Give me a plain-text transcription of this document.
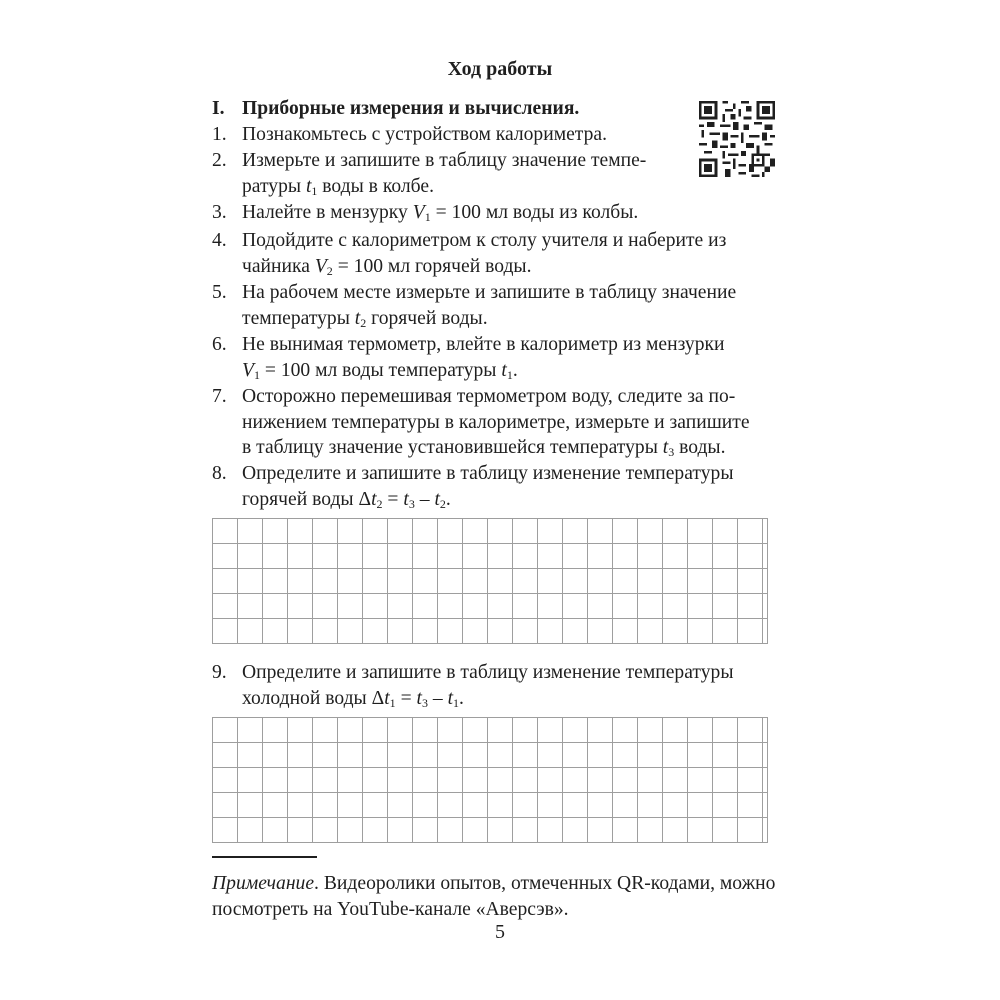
Ход работы
I. Приборные измерения и вычисления.
1. Познакомьтесь с устройством калориметра.
2. Измерьте и запишите в таблицу значение темпе-
ратуры $t_1$ воды в колбе.
3. Налейте в мензурку $V_1 = 100$ мл воды из колбы.
4. Подойдите с калориметром к столу учителя и наберите из
чайника $V_2 = 100$ мл горячей воды.
5. На рабочем месте измерьте и запишите в таблицу значение
температуры $t_2$ горячей воды.
6. Не вынимая термометр, влейте в калориметр из мензурки
$V_1 = 100$ мл воды температуры $t_1$.
7. Осторожно перемешивая термометром воду, следите за по-
нижением температуры в калориметре, измерьте и запишите
в таблицу значение установившейся температуры $t_3$ воды.
8. Определите и запишите в таблицу изменение температуры
горячей воды $\Delta t_2 = t_3 - t_2$.
9. Определите и запишите в таблицу изменение температуры
холодной воды $\Delta t_1 = t_3 - t_1$.
Примечание. Видеоролики опытов, отмеченных QR-кодами, можно посмотреть на YouTube-канале «Аверсэв».
5
